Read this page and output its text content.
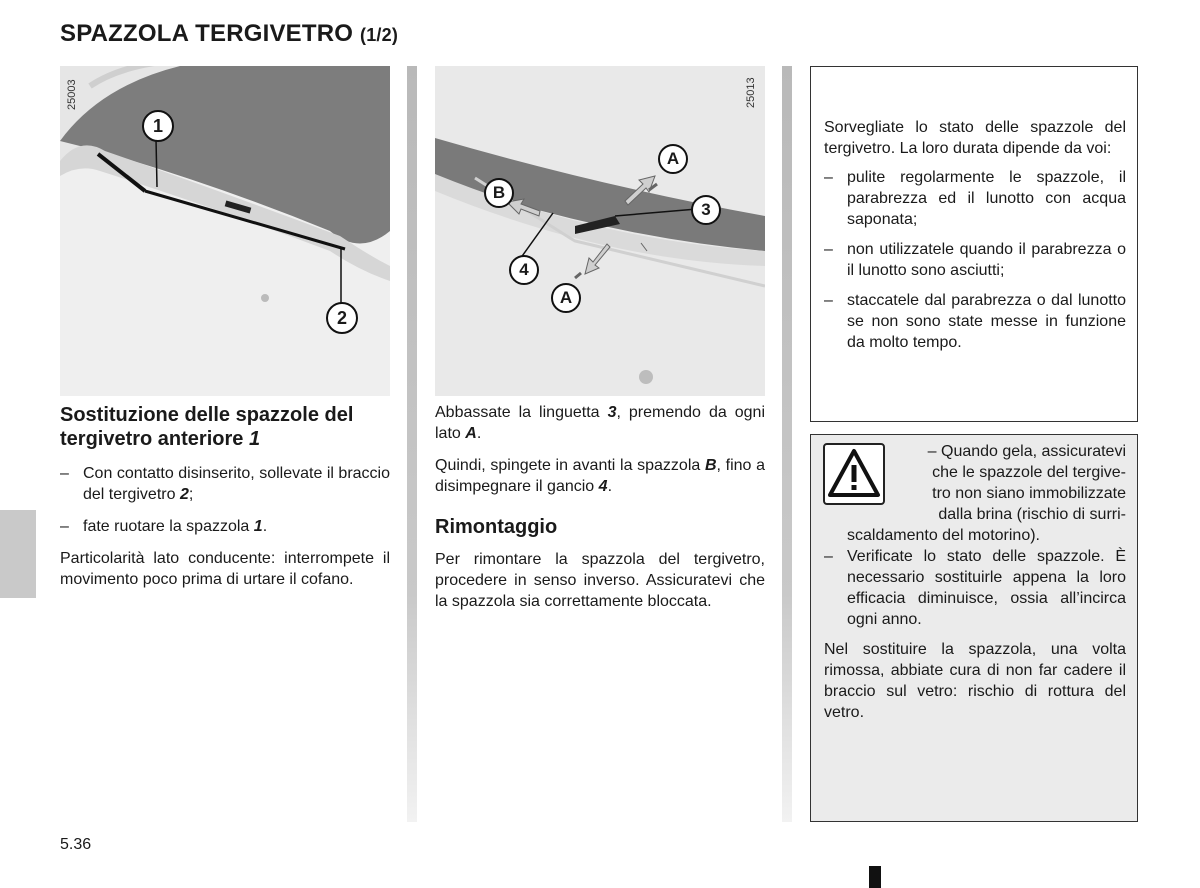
SPAZZOLA TERGIVETRO (1/2)
25003
1
2
25013
A
B
3
4
A
Sostituzione delle spazzole del tergivetro anteriore 1
– Con contatto disinserito, sollevate il braccio del tergivetro 2;
– fate ruotare la spazzola 1.

Particolarità lato conducente: interrompete il movimento poco prima di urtare il cofano.

Abbassate la linguetta 3, premendo da ogni lato A.

Quindi, spingete in avanti la spazzola B, fino a disimpegnare il gancio 4.

Rimontaggio

Per rimontare la spazzola del tergivetro, procedere in senso inverso. Assicuratevi che la spazzola sia correttamente bloccata.

Sorvegliate lo stato delle spazzole del tergivetro. La loro durata dipende da voi:

– pulite regolarmente le spazzole, il parabrezza ed il lunotto con acqua saponata;
– non utilizzatele quando il parabrezza o il lunotto sono asciutti;
– staccatele dal parabrezza o dal lunotto se non sono state messe in funzione da molto tempo.
– Quando gela, assicuratevi
che le spazzole del tergive-
tro non siano immobilizzate
dalla brina (rischio di surri-
scaldamento del motorino).
– Verificate lo stato delle spazzole. È necessario sostituirle appena la loro efficacia diminuisce, ossia all’incirca ogni anno.

Nel sostituire la spazzola, una volta rimossa, abbiate cura di non far cadere il braccio sul vetro: rischio di rottura del vetro.

5.36
